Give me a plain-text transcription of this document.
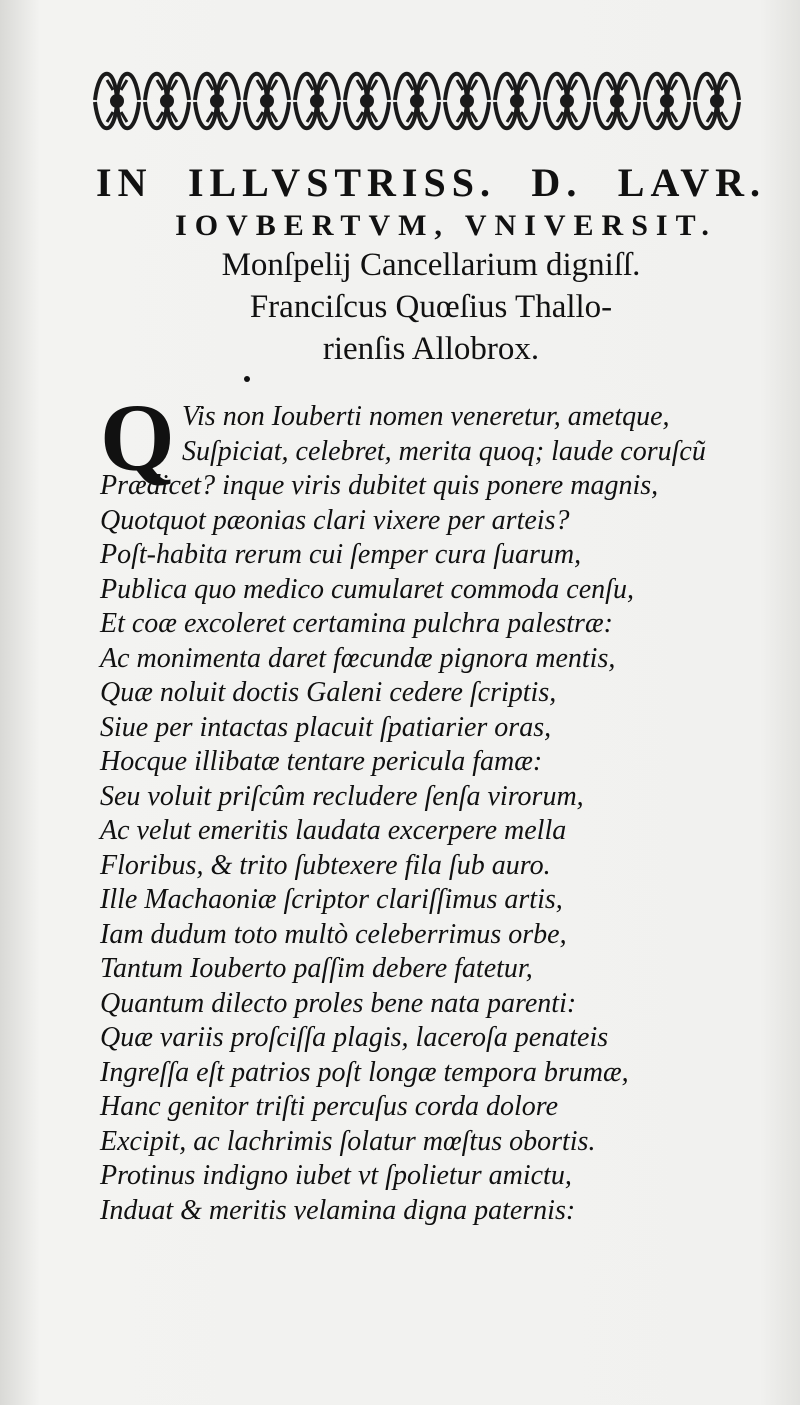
IN ILLVSTRISS. D. LAVR.
IOVBERTVM, VNIVERSIT.
Monſpelij Cancellarium digniſſ.
Franciſcus Quœſius Thallo-
rienſis Allobrox.
Q Vis non Iouberti nomen veneretur, ametque,
Suſpiciat, celebret, merita quoq; laude coruſcũ
Prædicet? inque viris dubitet quis ponere magnis,
Quotquot pæonias clari vixere per arteis?
Poſt-habita rerum cui ſemper cura ſuarum,
Publica quo medico cumularet commoda cenſu,
Et coæ excoleret certamina pulchra palestræ:
Ac monimenta daret fœcundæ pignora mentis,
Quæ noluit doctis Galeni cedere ſcriptis,
Siue per intactas placuit ſpatiarier oras,
Hocque illibatæ tentare pericula famæ:
Seu voluit priſcûm recludere ſenſa virorum,
Ac velut emeritis laudata excerpere mella
Floribus, & trito ſubtexere fila ſub auro.
Ille Machaoniæ ſcriptor clariſſimus artis,
Iam dudum toto multò celeberrimus orbe,
Tantum Iouberto paſſim debere fatetur,
Quantum dilecto proles bene nata parenti:
Quæ variis proſciſſa plagis, laceroſa penateis
Ingreſſa eſt patrios poſt longæ tempora brumæ,
Hanc genitor triſti percuſus corda dolore
Excipit, ac lachrimis ſolatur mœſtus obortis.
Protinus indigno iubet vt ſpolietur amictu,
Induat & meritis velamina digna paternis:
